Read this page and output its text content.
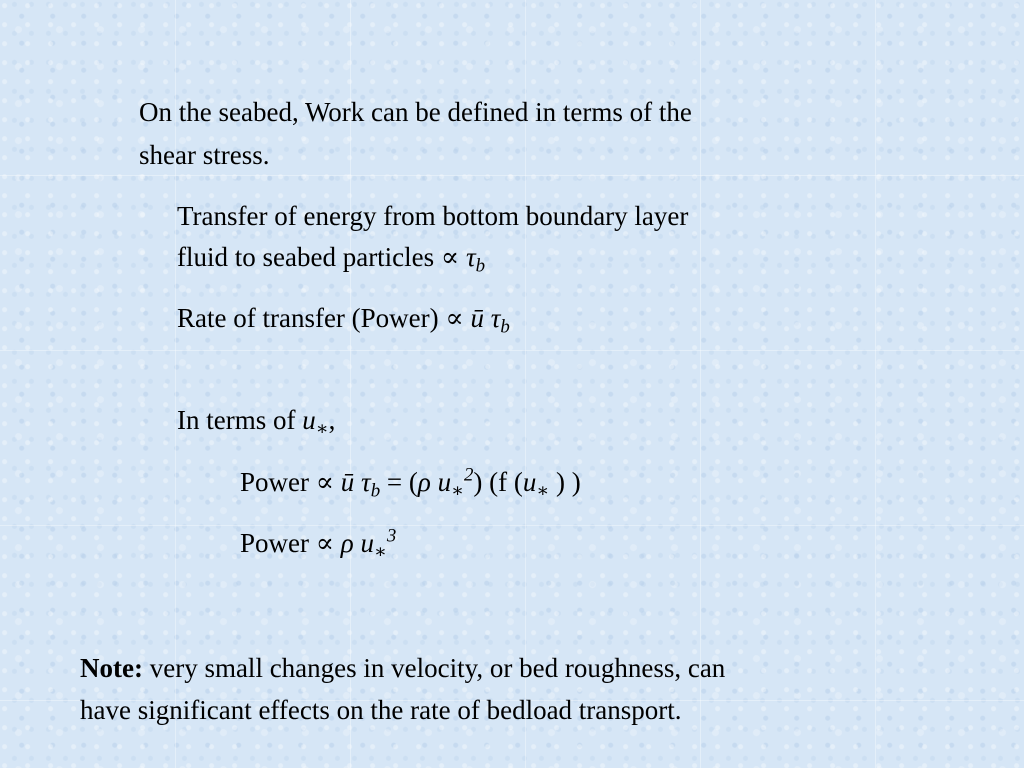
On the seabed, Work can be defined in terms of the
shear stress.
Transfer of energy from bottom boundary layer
fluid to seabed particles ∝ $\tau_b$
Rate of transfer (Power) ∝ ū $\tau_b$
In terms of $u_∗$,
Power ∝ ū $\tau_b = (\rho$ $u_∗^2$) (f ($u_∗$ ) )
Power ∝ ρ $u_∗^3$
Note: very small changes in velocity, or bed roughness, can
have significant effects on the rate of bedload transport.
